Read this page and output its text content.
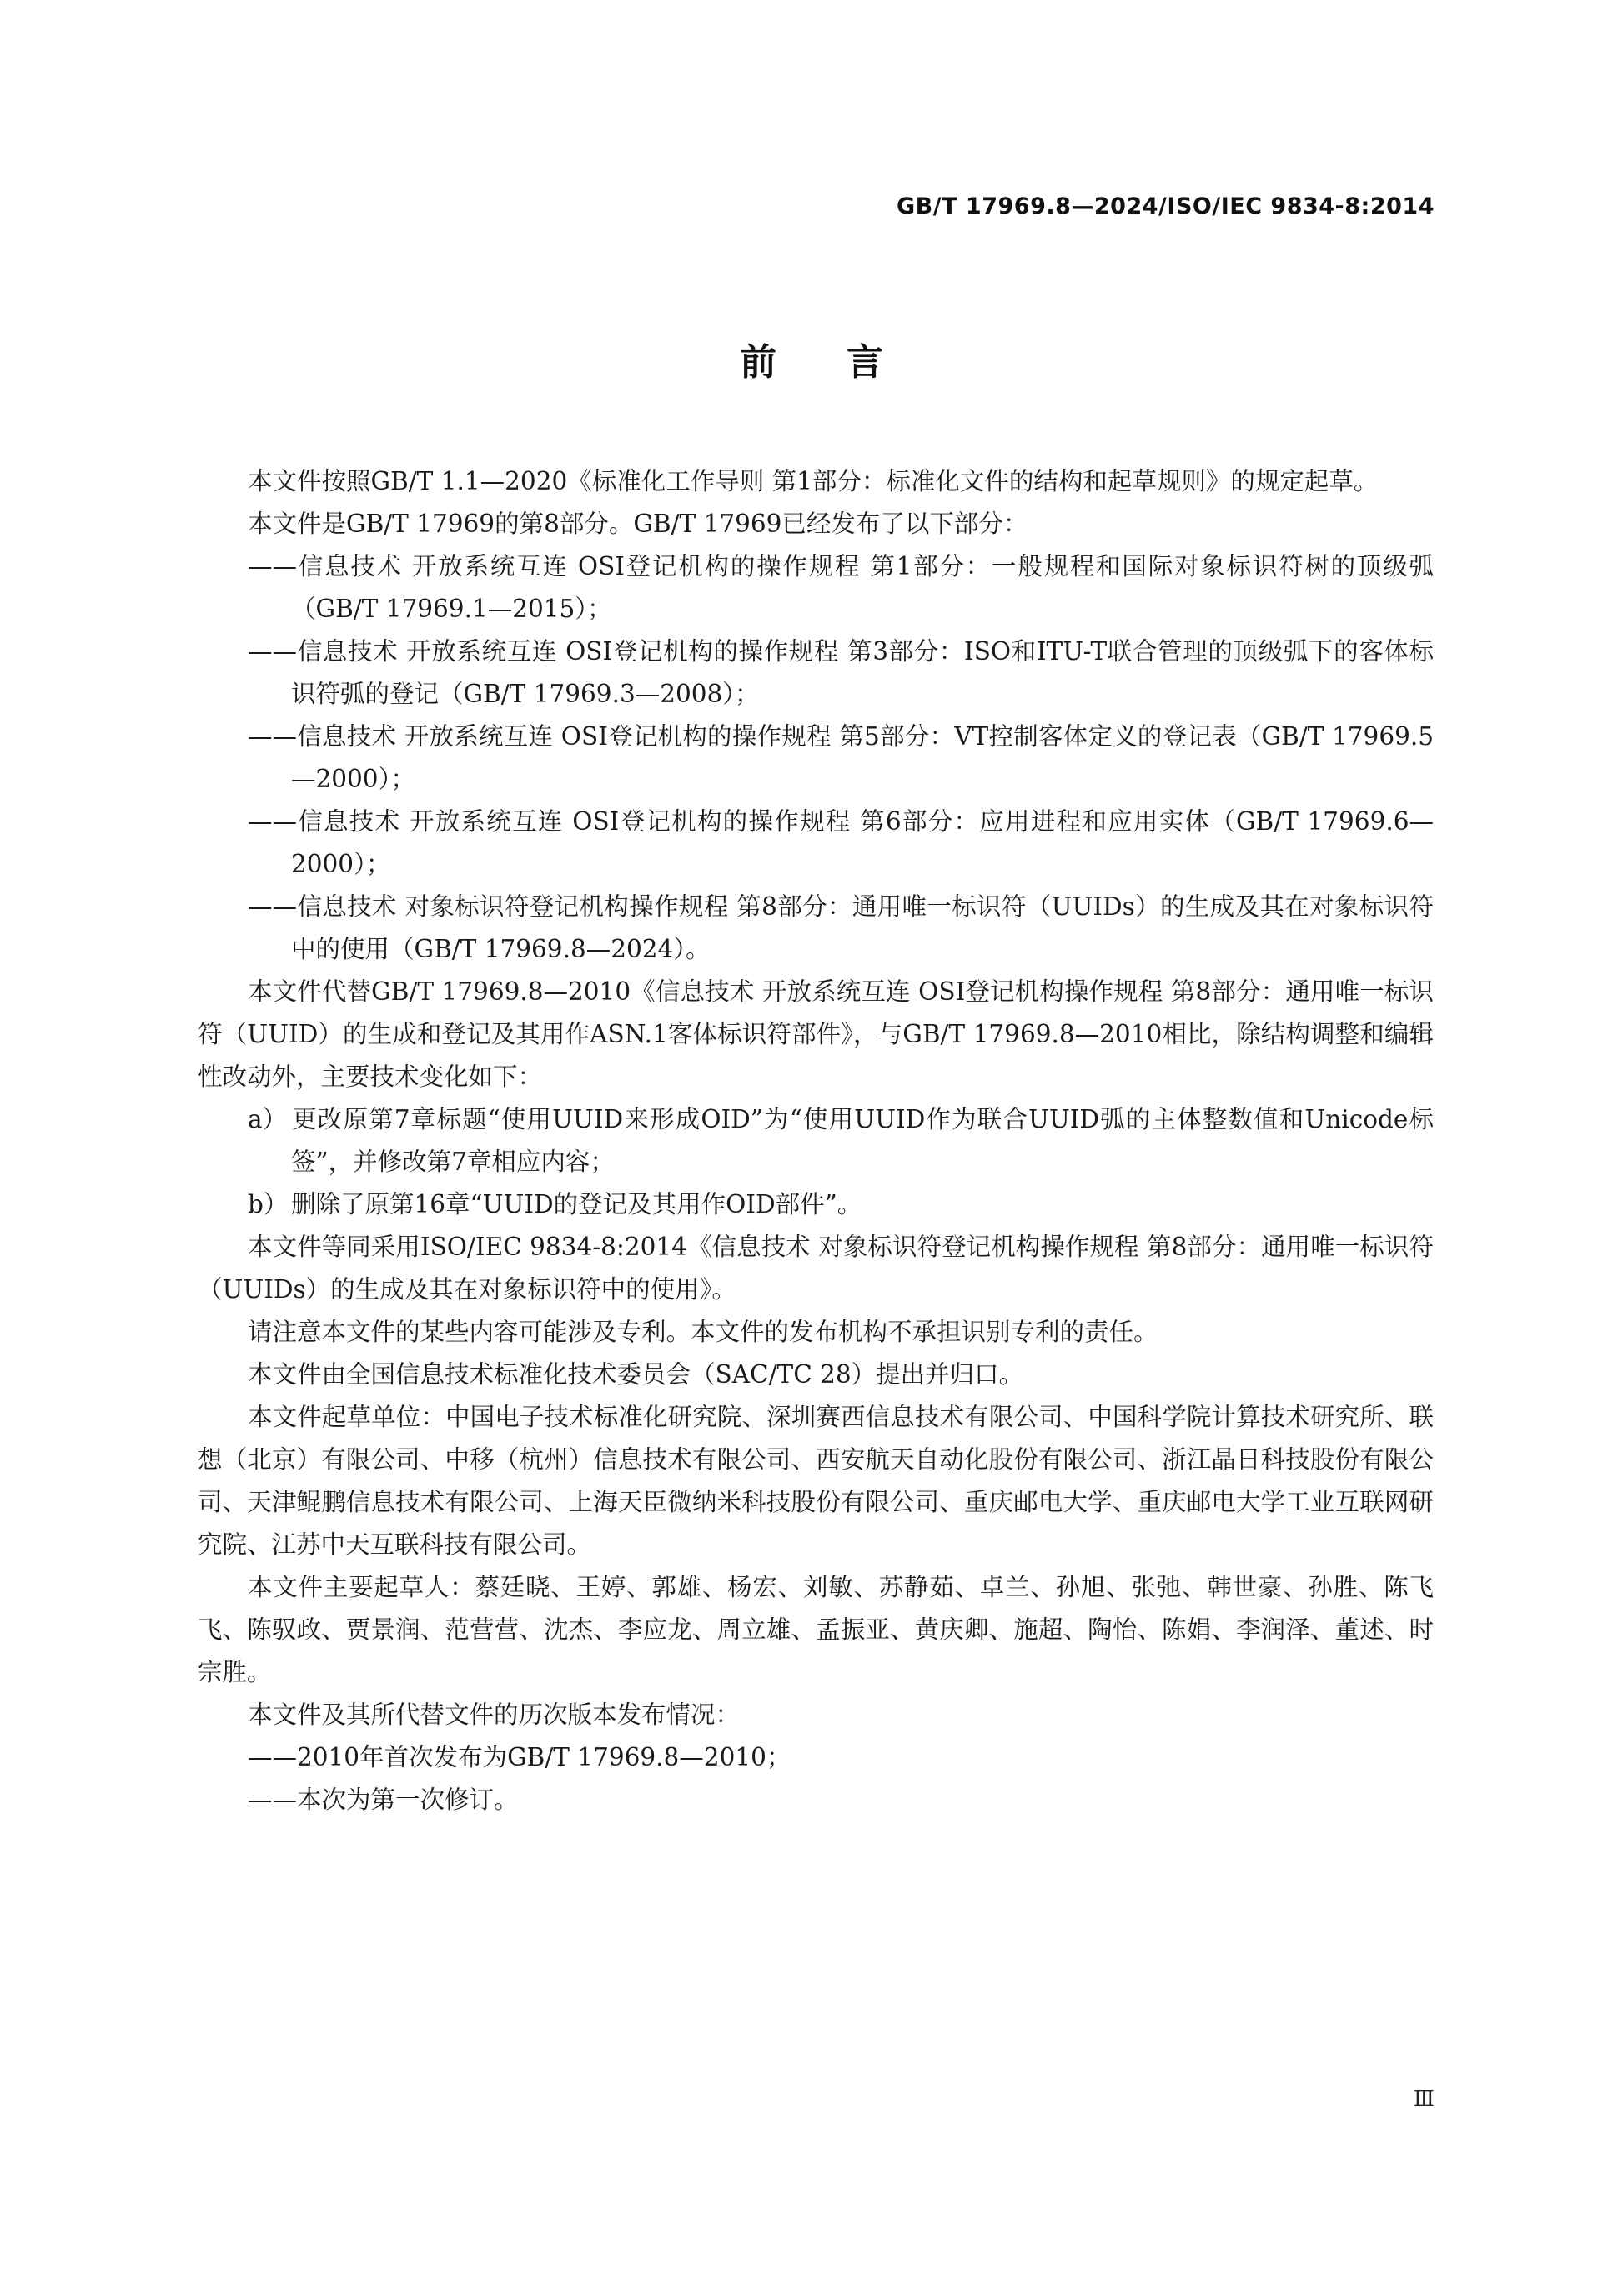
GB/T 17969.8—2024/ISO/IEC 9834-8:2014
前言

本文件按照GB/T 1.1—2020《标准化工作导则 第1部分：标准化文件的结构和起草规则》的规定起草。

本文件是GB/T 17969的第8部分。GB/T 17969已经发布了以下部分：

——信息技术 开放系统互连 OSI登记机构的操作规程 第1部分：一般规程和国际对象标识符树的顶级弧（GB/T 17969.1—2015）；

——信息技术 开放系统互连 OSI登记机构的操作规程 第3部分：ISO和ITU-T联合管理的顶级弧下的客体标识符弧的登记（GB/T 17969.3—2008）；

——信息技术 开放系统互连 OSI登记机构的操作规程 第5部分：VT控制客体定义的登记表（GB/T 17969.5—2000）；

——信息技术 开放系统互连 OSI登记机构的操作规程 第6部分：应用进程和应用实体（GB/T 17969.6—2000）；

——信息技术 对象标识符登记机构操作规程 第8部分：通用唯一标识符（UUIDs）的生成及其在对象标识符中的使用（GB/T 17969.8—2024）。

本文件代替GB/T 17969.8—2010《信息技术 开放系统互连 OSI登记机构操作规程 第8部分：通用唯一标识符（UUID）的生成和登记及其用作ASN.1客体标识符部件》，与GB/T 17969.8—2010相比，除结构调整和编辑性改动外，主要技术变化如下：

a） 更改原第7章标题“使用UUID来形成OID”为“使用UUID作为联合UUID弧的主体整数值和Unicode标签”，并修改第7章相应内容；

b） 删除了原第16章“UUID的登记及其用作OID部件”。

本文件等同采用ISO/IEC 9834-8:2014《信息技术 对象标识符登记机构操作规程 第8部分：通用唯一标识符（UUIDs）的生成及其在对象标识符中的使用》。

请注意本文件的某些内容可能涉及专利。本文件的发布机构不承担识别专利的责任。

本文件由全国信息技术标准化技术委员会（SAC/TC 28）提出并归口。

本文件起草单位：中国电子技术标准化研究院、深圳赛西信息技术有限公司、中国科学院计算技术研究所、联想（北京）有限公司、中移（杭州）信息技术有限公司、西安航天自动化股份有限公司、浙江晶日科技股份有限公司、天津鲲鹏信息技术有限公司、上海天臣微纳米科技股份有限公司、重庆邮电大学、重庆邮电大学工业互联网研究院、江苏中天互联科技有限公司。

本文件主要起草人：蔡廷晓、王婷、郭雄、杨宏、刘敏、苏静茹、卓兰、孙旭、张弛、韩世豪、孙胜、陈飞飞、陈驭政、贾景润、范营营、沈杰、李应龙、周立雄、孟振亚、黄庆卿、施超、陶怡、陈娟、李润泽、董述、时宗胜。

本文件及其所代替文件的历次版本发布情况：

——2010年首次发布为GB/T 17969.8—2010；

——本次为第一次修订。

Ⅲ
